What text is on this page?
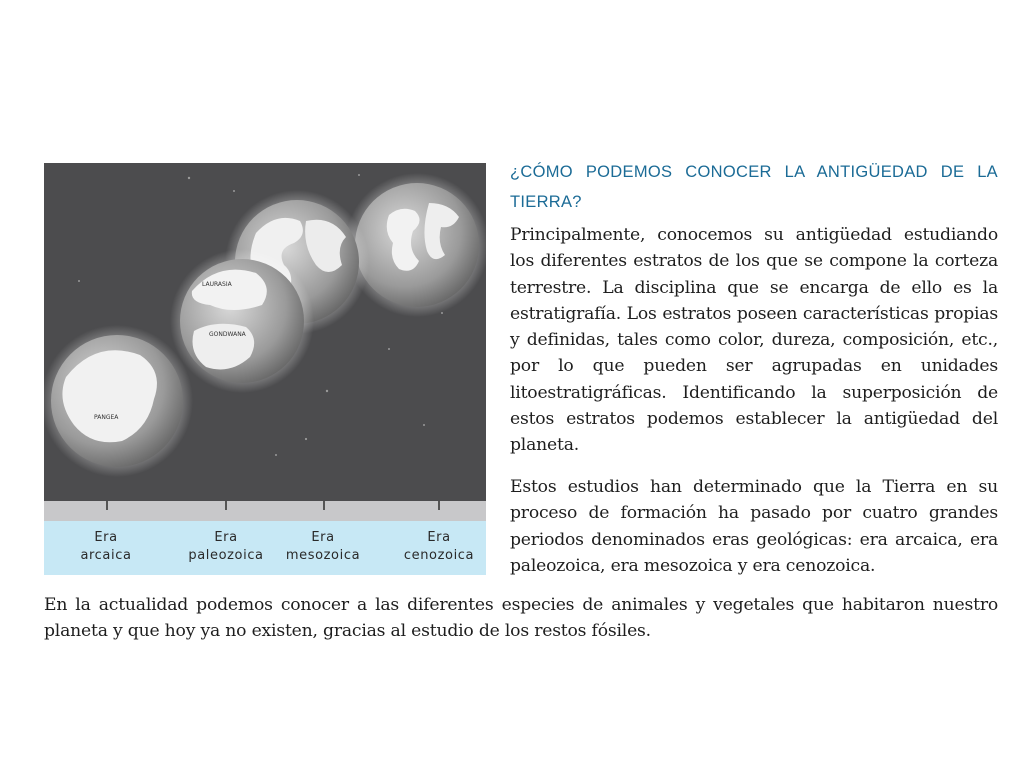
LAURASIA
GONDWANA
PANGEA
Era
arcaica
Era
paleozoica
Era
mesozoica
Era
cenozoica
¿CÓMO PODEMOS CONOCER LA ANTIGÜEDAD DE LA TIERRA?

Principalmente, conocemos su antigüedad estudiando los diferentes estratos de los que se compone la corteza terrestre. La disciplina que se encarga de ello es la estratigrafía. Los estratos poseen características propias y definidas, tales como color, dureza, composición, etc., por lo que pueden ser agrupadas en unidades litoestratigráficas. Identificando la superposición de estos estratos podemos establecer la antigüedad del planeta.

Estos estudios han determinado que la Tierra en su proceso de formación ha pasado por cuatro grandes periodos denominados eras geológicas: era arcaica, era paleozoica, era mesozoica y era cenozoica.

En la actualidad podemos conocer a las diferentes especies de animales y vegetales que habitaron nuestro planeta y que hoy ya no existen, gracias al estudio de los restos fósiles.
